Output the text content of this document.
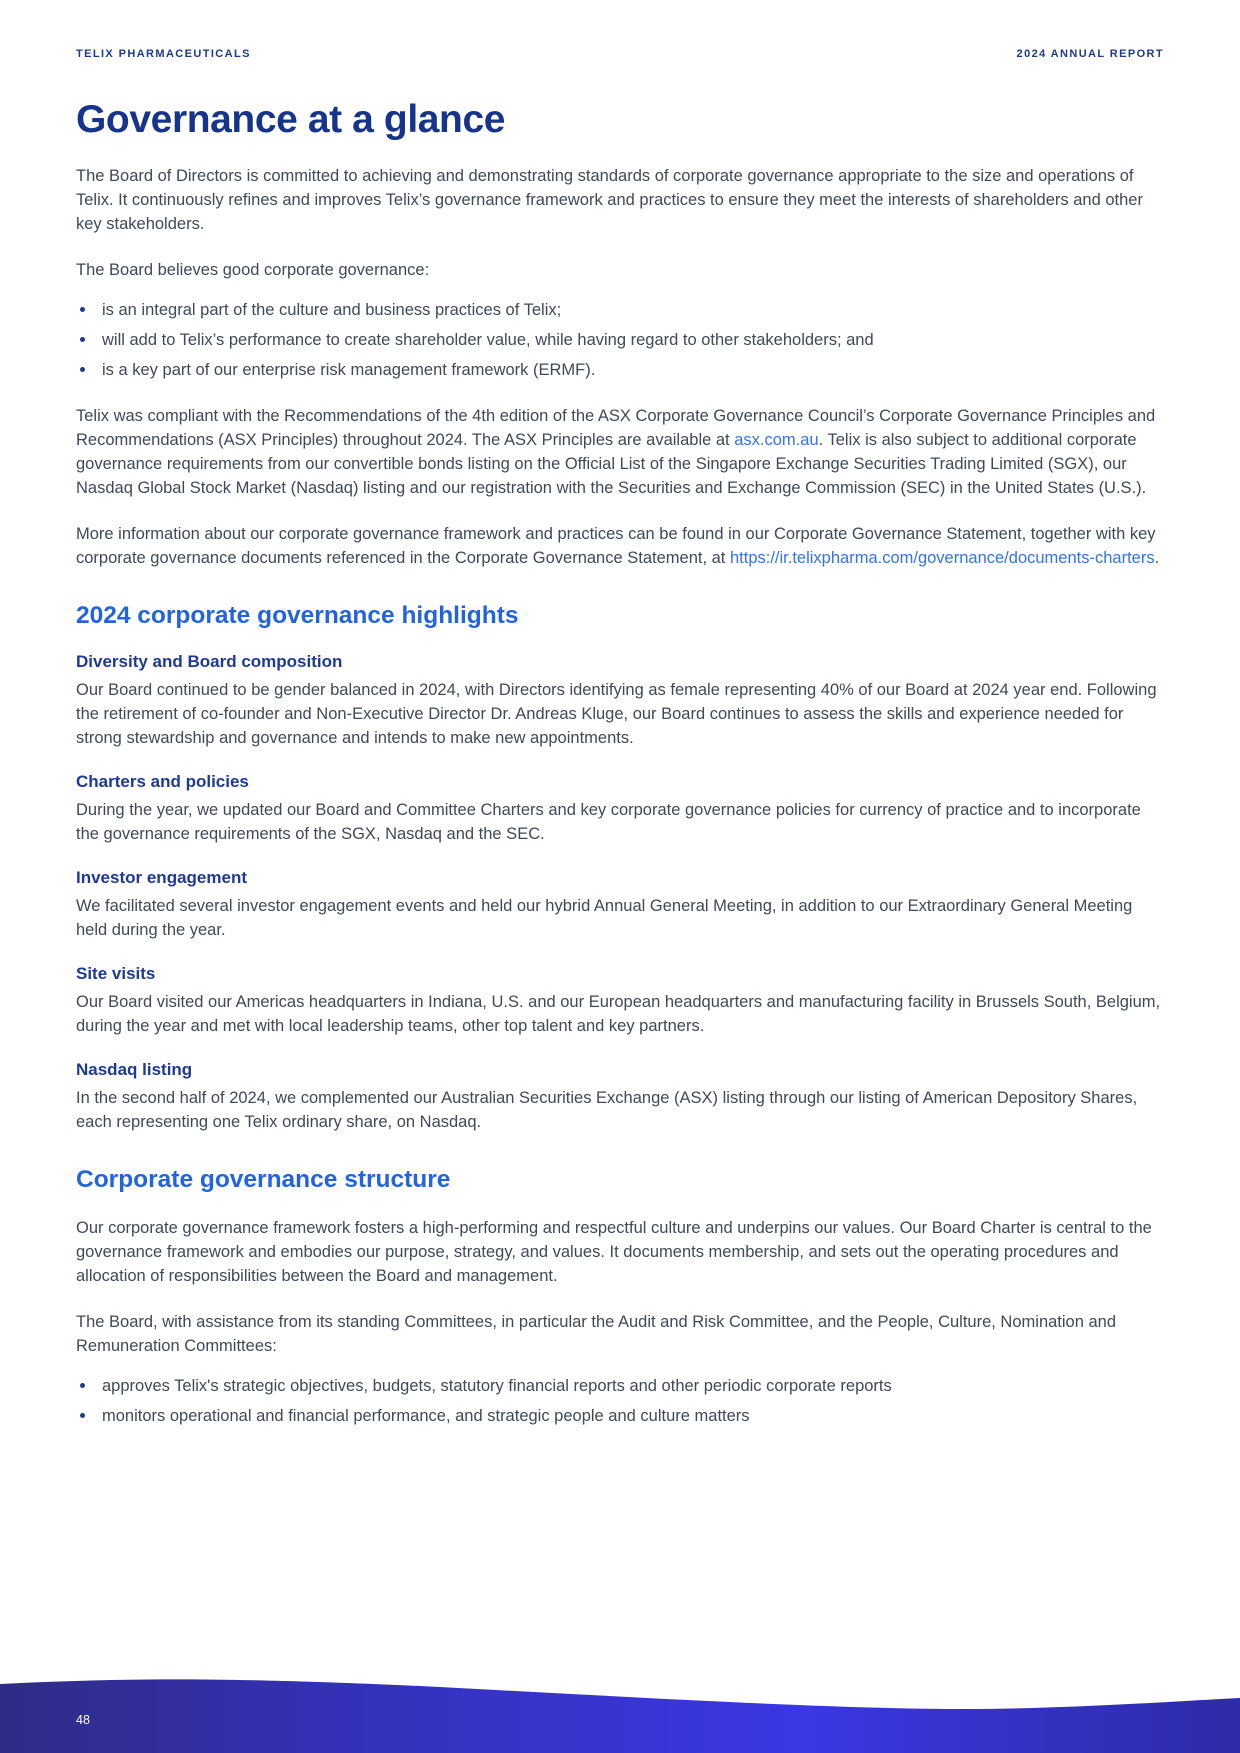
TELIX PHARMACEUTICALS	2024 ANNUAL REPORT
Governance at a glance

The Board of Directors is committed to achieving and demonstrating standards of corporate governance appropriate to the size and operations of Telix. It continuously refines and improves Telix’s governance framework and practices to ensure they meet the interests of shareholders and other key stakeholders.

The Board believes good corporate governance:

is an integral part of the culture and business practices of Telix;
will add to Telix’s performance to create shareholder value, while having regard to other stakeholders; and
is a key part of our enterprise risk management framework (ERMF).

Telix was compliant with the Recommendations of the 4th edition of the ASX Corporate Governance Council’s Corporate Governance Principles and Recommendations (ASX Principles) throughout 2024. The ASX Principles are available at asx.com.au. Telix is also subject to additional corporate governance requirements from our convertible bonds listing on the Official List of the Singapore Exchange Securities Trading Limited (SGX), our Nasdaq Global Stock Market (Nasdaq) listing and our registration with the Securities and Exchange Commission (SEC) in the United States (U.S.).

More information about our corporate governance framework and practices can be found in our Corporate Governance Statement, together with key corporate governance documents referenced in the Corporate Governance Statement, at https://ir.telixpharma.com/governance/documents-charters.

2024 corporate governance highlights
Diversity and Board composition

Our Board continued to be gender balanced in 2024, with Directors identifying as female representing 40% of our Board at 2024 year end. Following the retirement of co-founder and Non-Executive Director Dr. Andreas Kluge, our Board continues to assess the skills and experience needed for strong stewardship and governance and intends to make new appointments.

Charters and policies

During the year, we updated our Board and Committee Charters and key corporate governance policies for currency of practice and to incorporate the governance requirements of the SGX, Nasdaq and the SEC.

Investor engagement

We facilitated several investor engagement events and held our hybrid Annual General Meeting, in addition to our Extraordinary General Meeting held during the year.

Site visits

Our Board visited our Americas headquarters in Indiana, U.S. and our European headquarters and manufacturing facility in Brussels South, Belgium, during the year and met with local leadership teams, other top talent and key partners.

Nasdaq listing

In the second half of 2024, we complemented our Australian Securities Exchange (ASX) listing through our listing of American Depository Shares, each representing one Telix ordinary share, on Nasdaq.

Corporate governance structure

Our corporate governance framework fosters a high-performing and respectful culture and underpins our values. Our Board Charter is central to the governance framework and embodies our purpose, strategy, and values. It documents membership, and sets out the operating procedures and allocation of responsibilities between the Board and management.

The Board, with assistance from its standing Committees, in particular the Audit and Risk Committee, and the People, Culture, Nomination and Remuneration Committees:

approves Telix's strategic objectives, budgets, statutory financial reports and other periodic corporate reports
monitors operational and financial performance, and strategic people and culture matters
48
